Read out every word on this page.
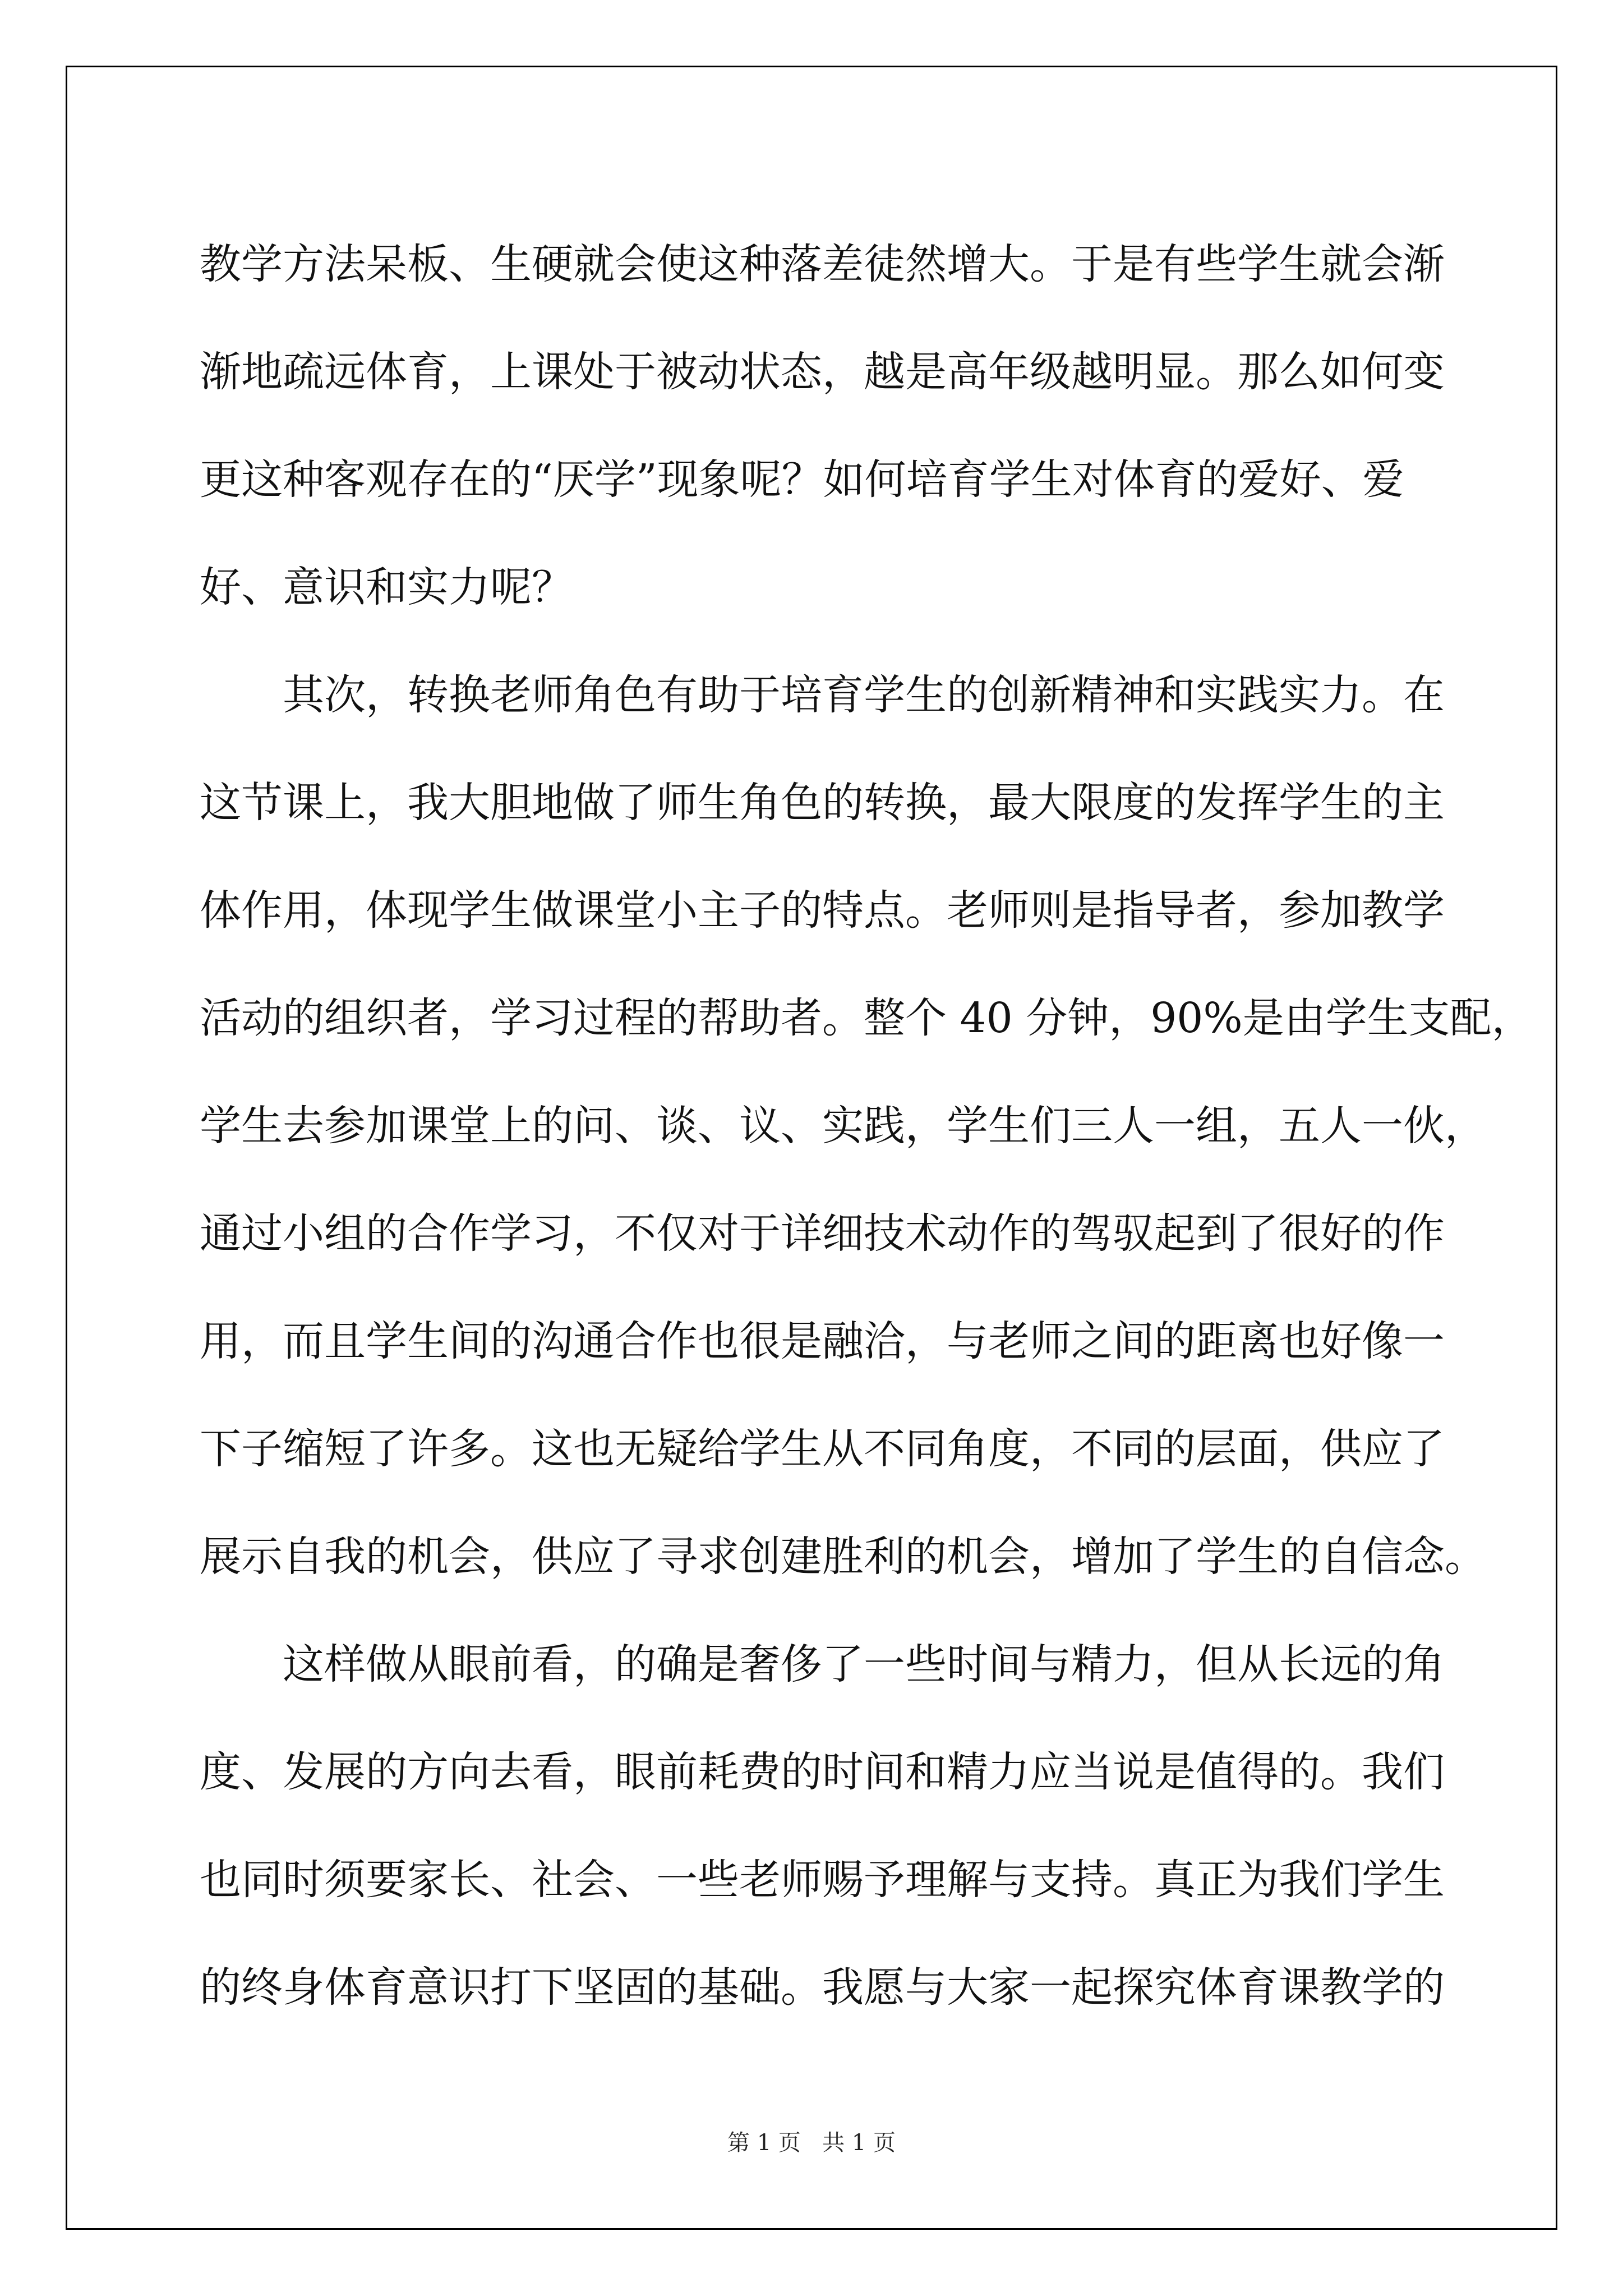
教学方法呆板、生硬就会使这种落差徒然增大。于是有些学生就会渐
渐地疏远体育，上课处于被动状态，越是高年级越明显。那么如何变
更这种客观存在的“厌学”现象呢？如何培育学生对体育的爱好、爱
好、意识和实力呢？
其次，转换老师角色有助于培育学生的创新精神和实践实力。在
这节课上，我大胆地做了师生角色的转换，最大限度的发挥学生的主
体作用，体现学生做课堂小主子的特点。老师则是指导者，参加教学
活动的组织者，学习过程的帮助者。整个 40 分钟，90%是由学生支配，
学生去参加课堂上的问、谈、议、实践，学生们三人一组，五人一伙，
通过小组的合作学习，不仅对于详细技术动作的驾驭起到了很好的作
用，而且学生间的沟通合作也很是融洽，与老师之间的距离也好像一
下子缩短了许多。这也无疑给学生从不同角度，不同的层面，供应了
展示自我的机会，供应了寻求创建胜利的机会，增加了学生的自信念。
这样做从眼前看，的确是奢侈了一些时间与精力，但从长远的角
度、发展的方向去看，眼前耗费的时间和精力应当说是值得的。我们
也同时须要家长、社会、一些老师赐予理解与支持。真正为我们学生
的终身体育意识打下坚固的基础。我愿与大家一起探究体育课教学的
第 1 页 共 1 页
